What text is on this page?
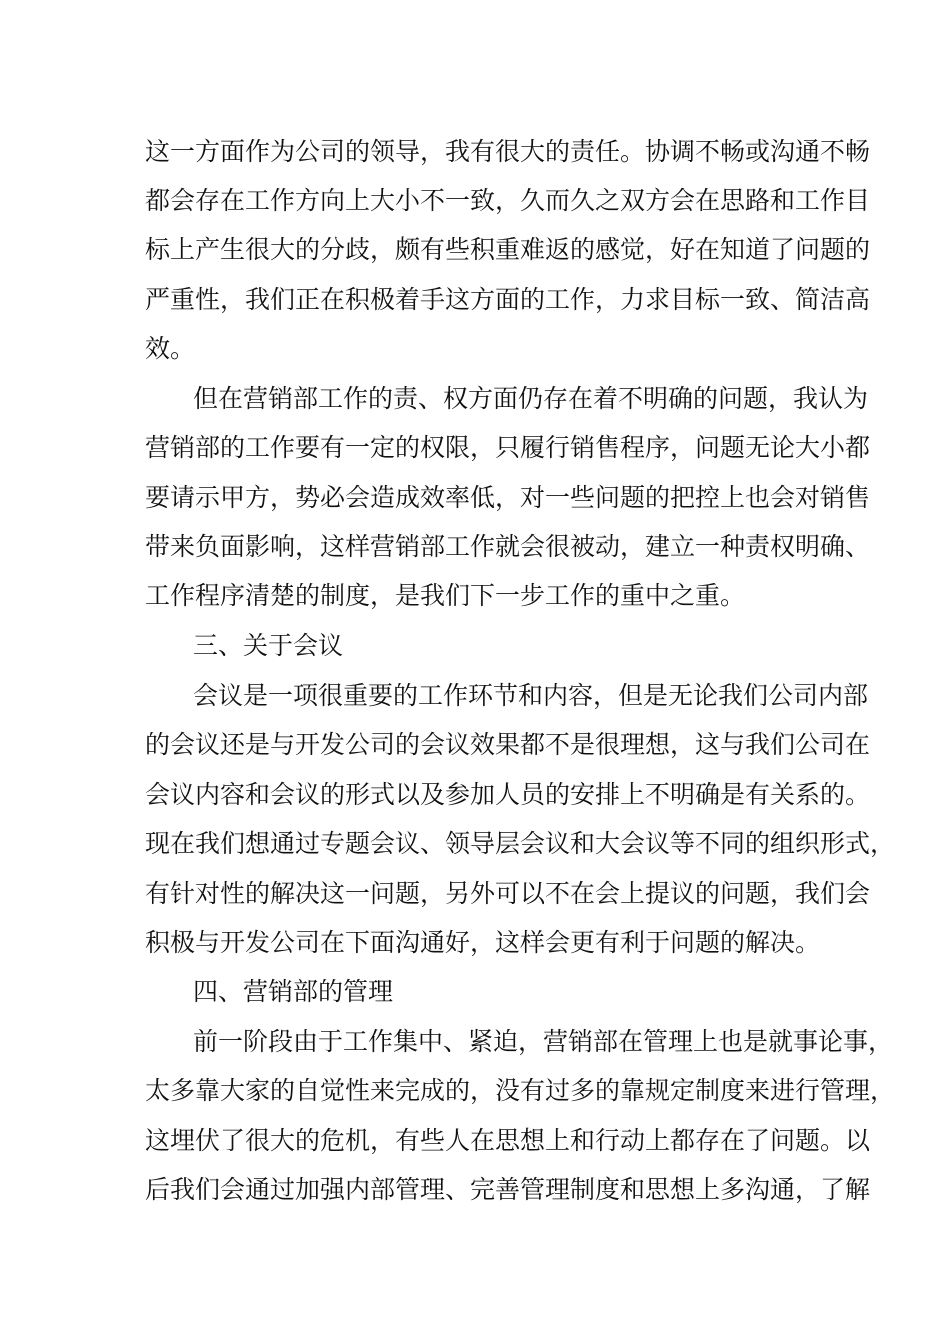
这一方面作为公司的领导，我有很大的责任。协调不畅或沟通不畅
都会存在工作方向上大小不一致，久而久之双方会在思路和工作目
标上产生很大的分歧，颇有些积重难返的感觉，好在知道了问题的
严重性，我们正在积极着手这方面的工作，力求目标一致、简洁高
效。
但在营销部工作的责、权方面仍存在着不明确的问题，我认为
营销部的工作要有一定的权限，只履行销售程序，问题无论大小都
要请示甲方，势必会造成效率低，对一些问题的把控上也会对销售
带来负面影响，这样营销部工作就会很被动，建立一种责权明确、
工作程序清楚的制度，是我们下一步工作的重中之重。
三、关于会议
会议是一项很重要的工作环节和内容，但是无论我们公司内部
的会议还是与开发公司的会议效果都不是很理想，这与我们公司在
会议内容和会议的形式以及参加人员的安排上不明确是有关系的。
现在我们想通过专题会议、领导层会议和大会议等不同的组织形式，
有针对性的解决这一问题，另外可以不在会上提议的问题，我们会
积极与开发公司在下面沟通好，这样会更有利于问题的解决。
四、营销部的管理
前一阶段由于工作集中、紧迫，营销部在管理上也是就事论事，
太多靠大家的自觉性来完成的，没有过多的靠规定制度来进行管理，
这埋伏了很大的危机，有些人在思想上和行动上都存在了问题。以
后我们会通过加强内部管理、完善管理制度和思想上多沟通，了解
